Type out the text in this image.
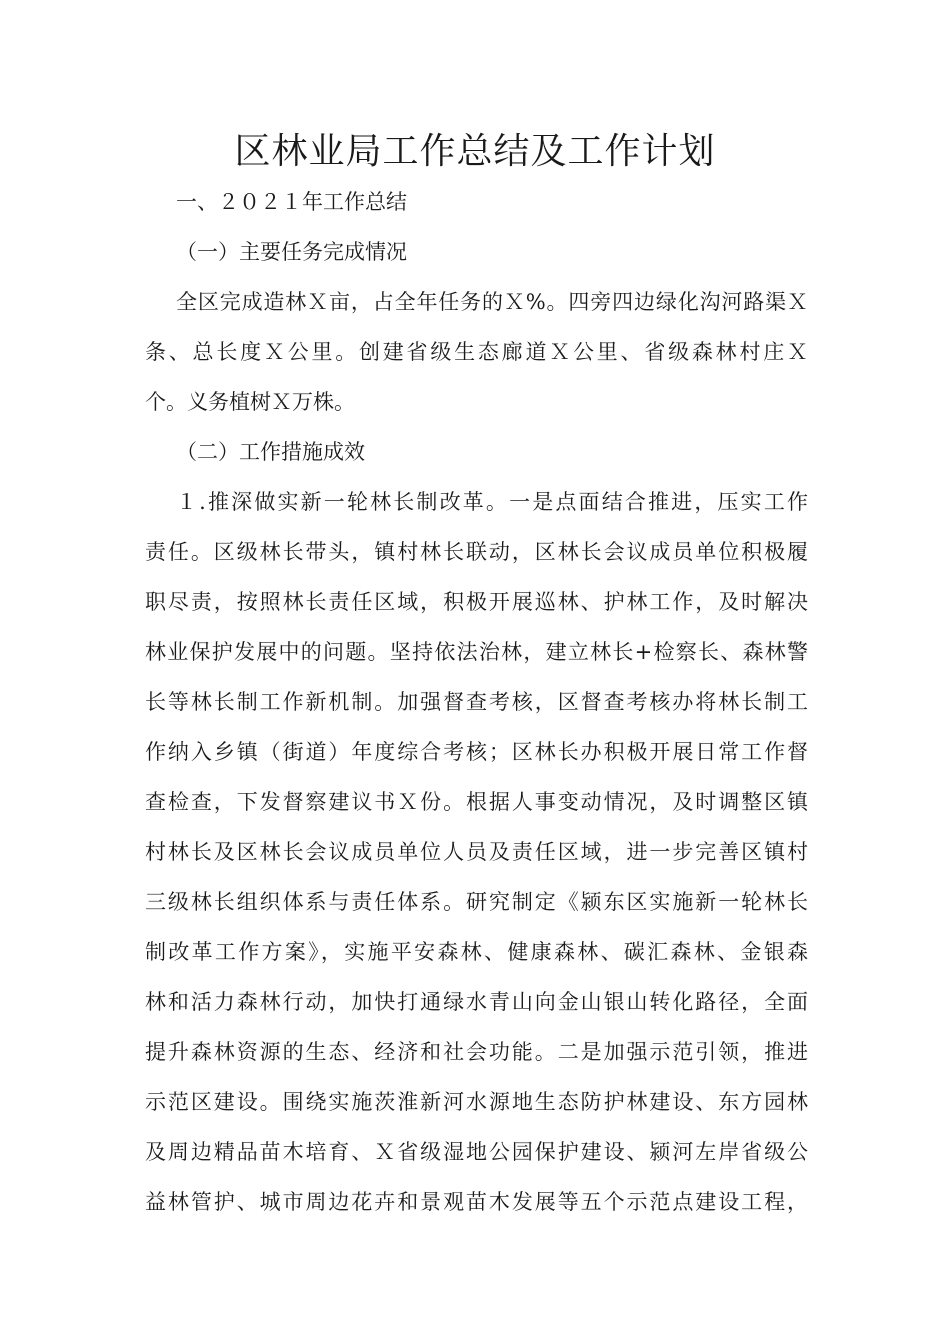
区林业局工作总结及工作计划

一、２０２１年工作总结

（一）主要任务完成情况

全区完成造林Ｘ亩，占全年任务的Ｘ%。四旁四边绿化沟河路渠Ｘ

条、总长度Ｘ公里。创建省级生态廊道Ｘ公里、省级森林村庄Ｘ

个。义务植树Ｘ万株。

（二）工作措施成效

１.推深做实新一轮林长制改革。一是点面结合推进，压实工作

责任。区级林长带头，镇村林长联动，区林长会议成员单位积极履

职尽责，按照林长责任区域，积极开展巡林、护林工作，及时解决

林业保护发展中的问题。坚持依法治林，建立林长+检察长、森林警

长等林长制工作新机制。加强督查考核，区督查考核办将林长制工

作纳入乡镇（街道）年度综合考核；区林长办积极开展日常工作督

查检查，下发督察建议书Ｘ份。根据人事变动情况，及时调整区镇

村林长及区林长会议成员单位人员及责任区域，进一步完善区镇村

三级林长组织体系与责任体系。研究制定《颍东区实施新一轮林长

制改革工作方案》，实施平安森林、健康森林、碳汇森林、金银森

林和活力森林行动，加快打通绿水青山向金山银山转化路径，全面

提升森林资源的生态、经济和社会功能。二是加强示范引领，推进

示范区建设。围绕实施茨淮新河水源地生态防护林建设、东方园林

及周边精品苗木培育、Ｘ省级湿地公园保护建设、颍河左岸省级公

益林管护、城市周边花卉和景观苗木发展等五个示范点建设工程，
